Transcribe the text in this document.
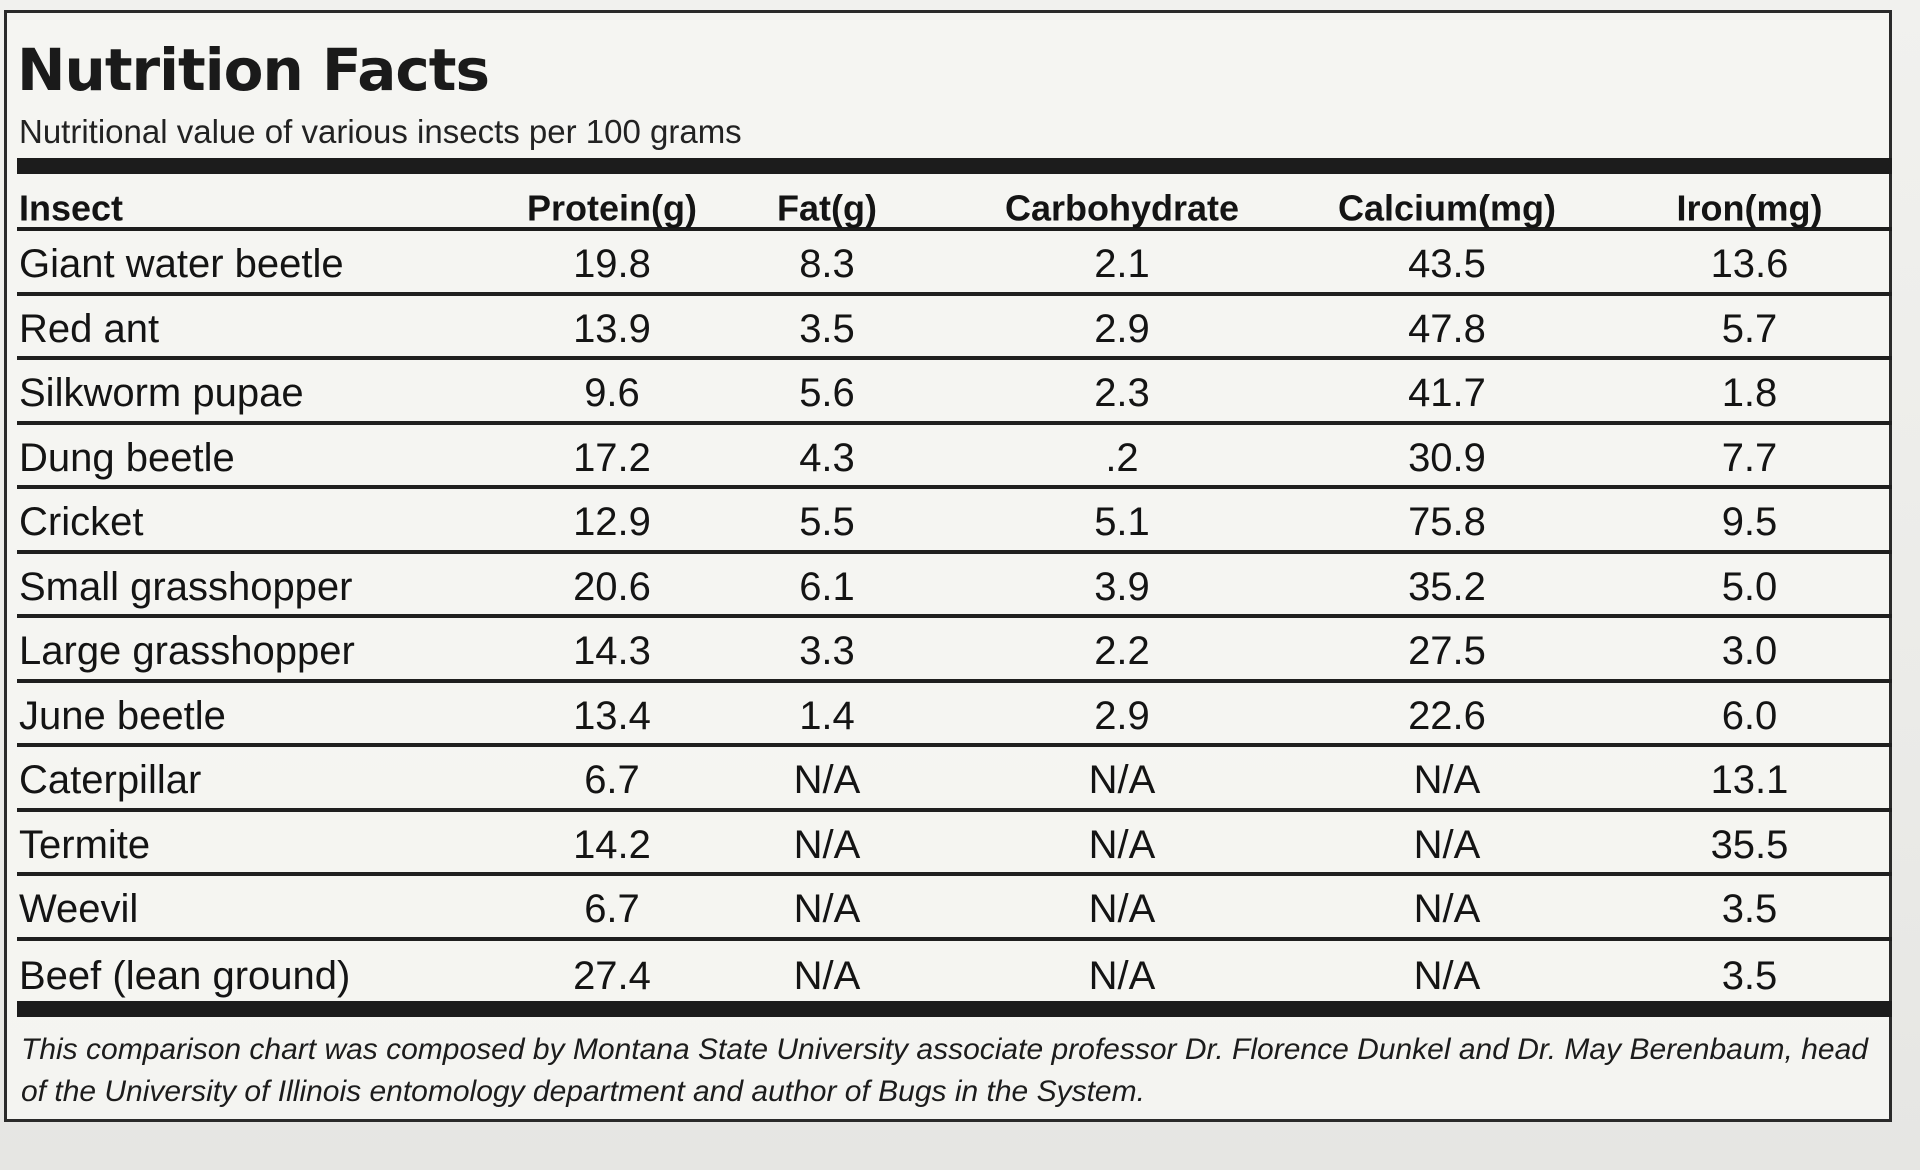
Nutrition Facts
Nutritional value of various insects per 100 grams
Insect	Protein(g)	Fat(g)	Carbohydrate	Calcium(mg)	Iron(mg)
Giant water beetle	19.8	8.3	2.1	43.5	13.6
Red ant	13.9	3.5	2.9	47.8	5.7
Silkworm pupae	9.6	5.6	2.3	41.7	1.8
Dung beetle	17.2	4.3	.2	30.9	7.7
Cricket	12.9	5.5	5.1	75.8	9.5
Small grasshopper	20.6	6.1	3.9	35.2	5.0
Large grasshopper	14.3	3.3	2.2	27.5	3.0
June beetle	13.4	1.4	2.9	22.6	6.0
Caterpillar	6.7	N/A	N/A	N/A	13.1
Termite	14.2	N/A	N/A	N/A	35.5
Weevil	6.7	N/A	N/A	N/A	3.5
Beef (lean ground)	27.4	N/A	N/A	N/A	3.5
This comparison chart was composed by Montana State University associate professor Dr. Florence Dunkel and Dr. May Berenbaum, head of the University of Illinois entomology department and author of Bugs in the System.
